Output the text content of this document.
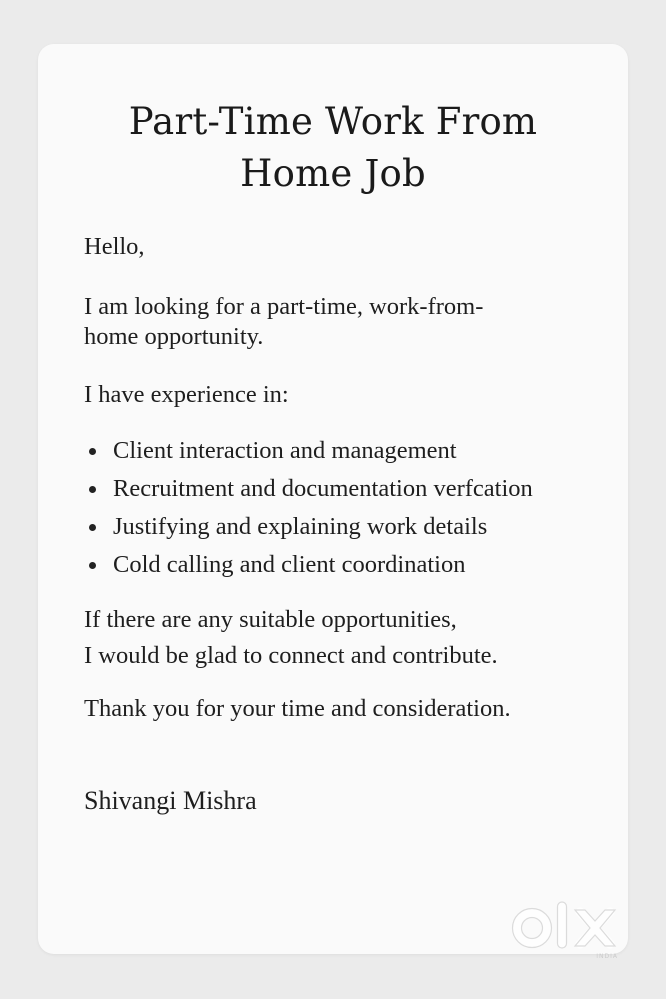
Part-Time Work From
Home Job

Hello,

I am looking for a part-time, work-from-
home opportunity.

I have experience in:

Client interaction and management
Recruitment and documentation verfcation
Justifying and explaining work details
Cold calling and client coordination

If there are any suitable opportunities,
I would be glad to connect and contribute.

Thank you for your time and consideration.

Shivangi Mishra

INDIA
